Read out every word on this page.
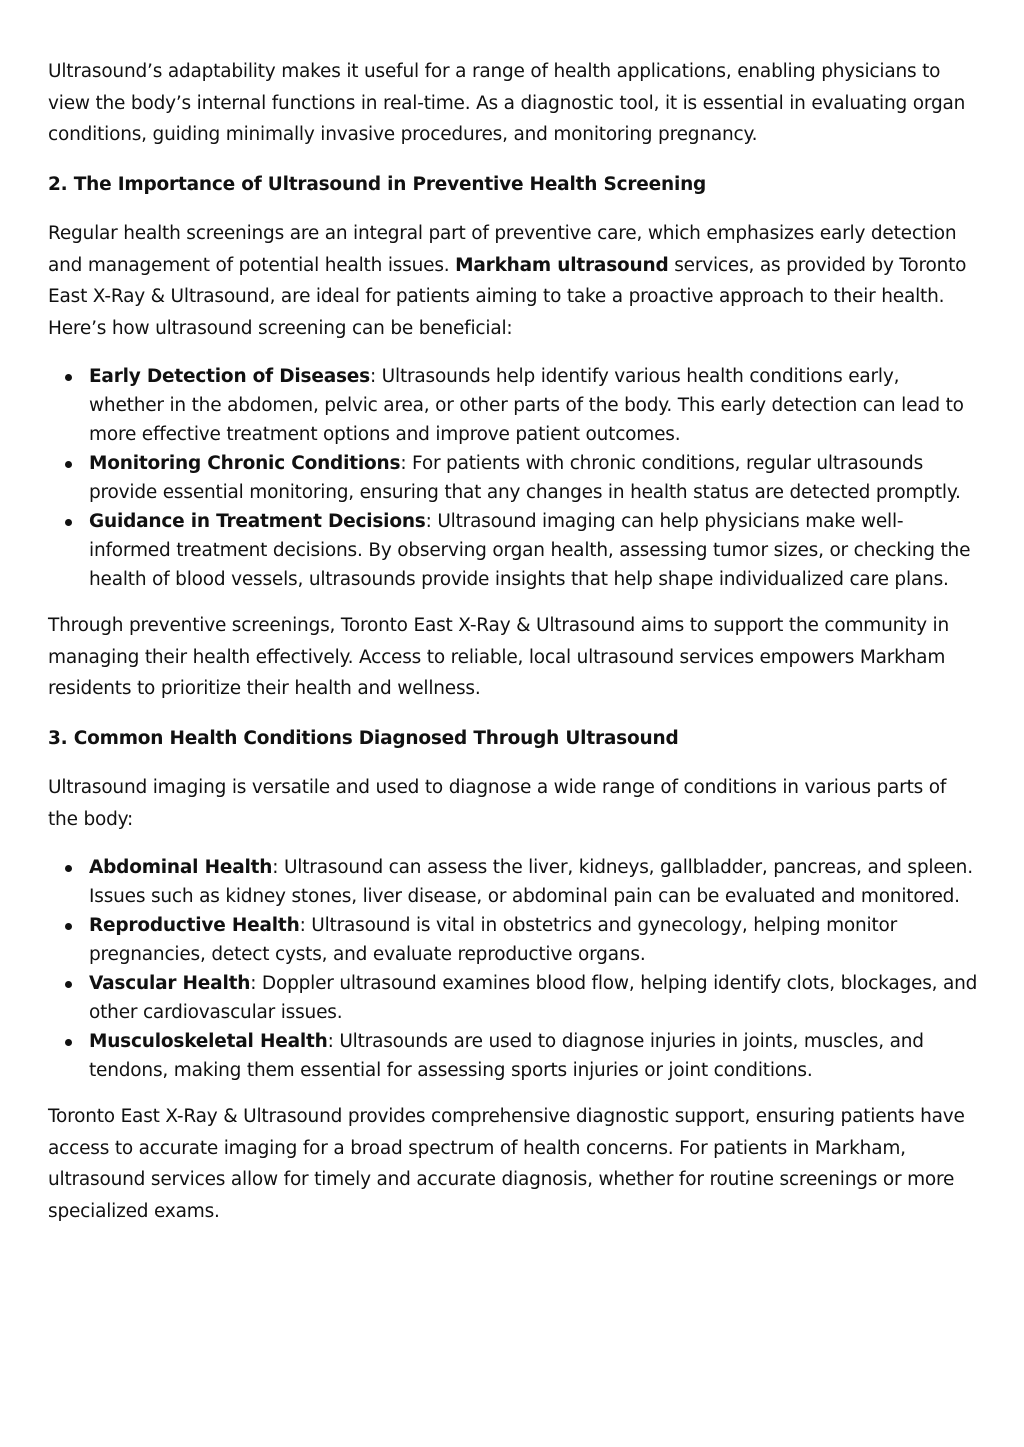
Ultrasound’s adaptability makes it useful for a range of health applications, enabling physicians to view the body’s internal functions in real-time. As a diagnostic tool, it is essential in evaluating organ conditions, guiding minimally invasive procedures, and monitoring pregnancy.

2. The Importance of Ultrasound in Preventive Health Screening

Regular health screenings are an integral part of preventive care, which emphasizes early detection and management of potential health issues. Markham ultrasound services, as provided by Toronto East X-Ray & Ultrasound, are ideal for patients aiming to take a proactive approach to their health. Here’s how ultrasound screening can be beneficial:

Early Detection of Diseases: Ultrasounds help identify various health conditions early, whether in the abdomen, pelvic area, or other parts of the body. This early detection can lead to more effective treatment options and improve patient outcomes.
Monitoring Chronic Conditions: For patients with chronic conditions, regular ultrasounds provide essential monitoring, ensuring that any changes in health status are detected promptly.
Guidance in Treatment Decisions: Ultrasound imaging can help physicians make well-informed treatment decisions. By observing organ health, assessing tumor sizes, or checking the health of blood vessels, ultrasounds provide insights that help shape individualized care plans.

Through preventive screenings, Toronto East X-Ray & Ultrasound aims to support the community in managing their health effectively. Access to reliable, local ultrasound services empowers Markham residents to prioritize their health and wellness.

3. Common Health Conditions Diagnosed Through Ultrasound

Ultrasound imaging is versatile and used to diagnose a wide range of conditions in various parts of the body:

Abdominal Health: Ultrasound can assess the liver, kidneys, gallbladder, pancreas, and spleen. Issues such as kidney stones, liver disease, or abdominal pain can be evaluated and monitored.
Reproductive Health: Ultrasound is vital in obstetrics and gynecology, helping monitor pregnancies, detect cysts, and evaluate reproductive organs.
Vascular Health: Doppler ultrasound examines blood flow, helping identify clots, blockages, and other cardiovascular issues.
Musculoskeletal Health: Ultrasounds are used to diagnose injuries in joints, muscles, and tendons, making them essential for assessing sports injuries or joint conditions.

Toronto East X-Ray & Ultrasound provides comprehensive diagnostic support, ensuring patients have access to accurate imaging for a broad spectrum of health concerns. For patients in Markham, ultrasound services allow for timely and accurate diagnosis, whether for routine screenings or more specialized exams.
